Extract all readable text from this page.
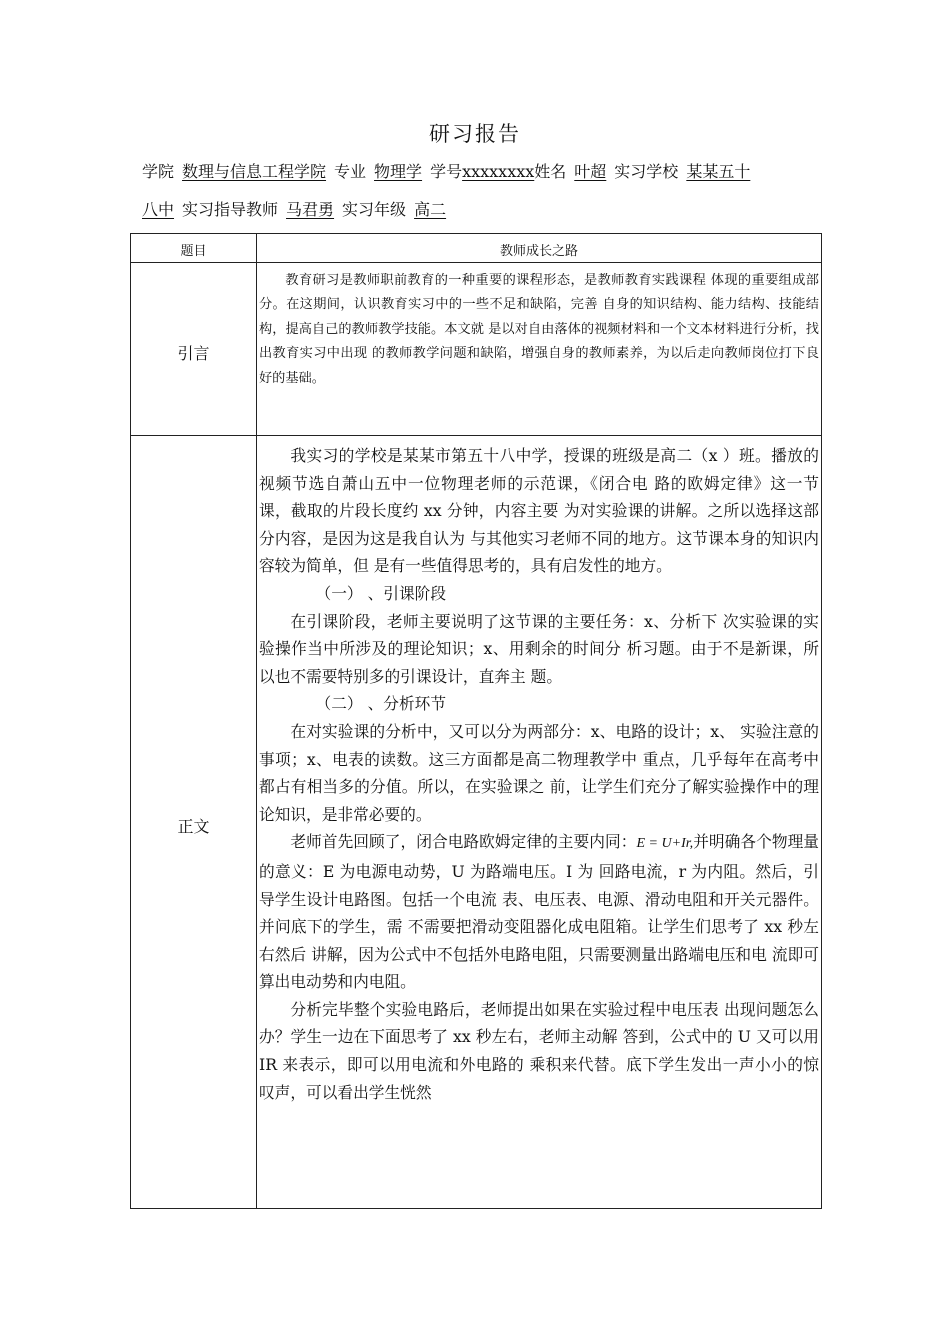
研习报告
学院 数理与信息工程学院 专业 物理学 学号xxxxxxxx姓名 叶超 实习学校 某某五十
八中 实习指导教师 马君勇 实习年级 高二
题目	教师成长之路
引言

教育研习是教师职前教育的一种重要的课程形态，是教师教育实践课程 体现的重要组成部分。在这期间，认识教育实习中的一些不足和缺陷，完善 自身的知识结构、能力结构、技能结构，提高自己的教师教学技能。本文就 是以对自由落体的视频材料和一个文本材料进行分析，找出教育实习中出现 的教师教学问题和缺陷，增强自身的教师素养，为以后走向教师岗位打下良 好的基础。

正文

我实习的学校是某某市第五十八中学，授课的班级是高二（x ）班。播放的视频节选自萧山五中一位物理老师的示范课，《闭合电 路的欧姆定律》这一节课，截取的片段长度约 xx 分钟，内容主要 为对实验课的讲解。之所以选择这部分内容，是因为这是我自认为 与其他实习老师不同的地方。这节课本身的知识内容较为简单，但 是有一些值得思考的，具有启发性的地方。

（一） 、引课阶段

在引课阶段，老师主要说明了这节课的主要任务：x、分析下 次实验课的实验操作当中所涉及的理论知识；x、用剩余的时间分 析习题。由于不是新课，所以也不需要特别多的引课设计，直奔主 题。

（二） 、分析环节

在对实验课的分析中，又可以分为两部分：x、电路的设计；x、 实验注意的事项；x、电表的读数。这三方面都是高二物理教学中 重点，几乎每年在高考中都占有相当多的分值。所以，在实验课之 前，让学生们充分了解实验操作中的理论知识，是非常必要的。

老师首先回顾了，闭合电路欧姆定律的主要内同：E = U+Ir,并明确各个物理量的意义：E 为电源电动势，U 为路端电压。I 为 回路电流，r 为内阻。然后，引导学生设计电路图。包括一个电流 表、电压表、电源、滑动电阻和开关元器件。并问底下的学生，需 不需要把滑动变阻器化成电阻箱。让学生们思考了 xx 秒左右然后 讲解，因为公式中不包括外电路电阻，只需要测量出路端电压和电 流即可算出电动势和内电阻。

分析完毕整个实验电路后，老师提出如果在实验过程中电压表 出现问题怎么办？学生一边在下面思考了 xx 秒左右，老师主动解 答到，公式中的 U 又可以用 IR 来表示，即可以用电流和外电路的 乘积来代替。底下学生发出一声小小的惊叹声，可以看出学生恍然
